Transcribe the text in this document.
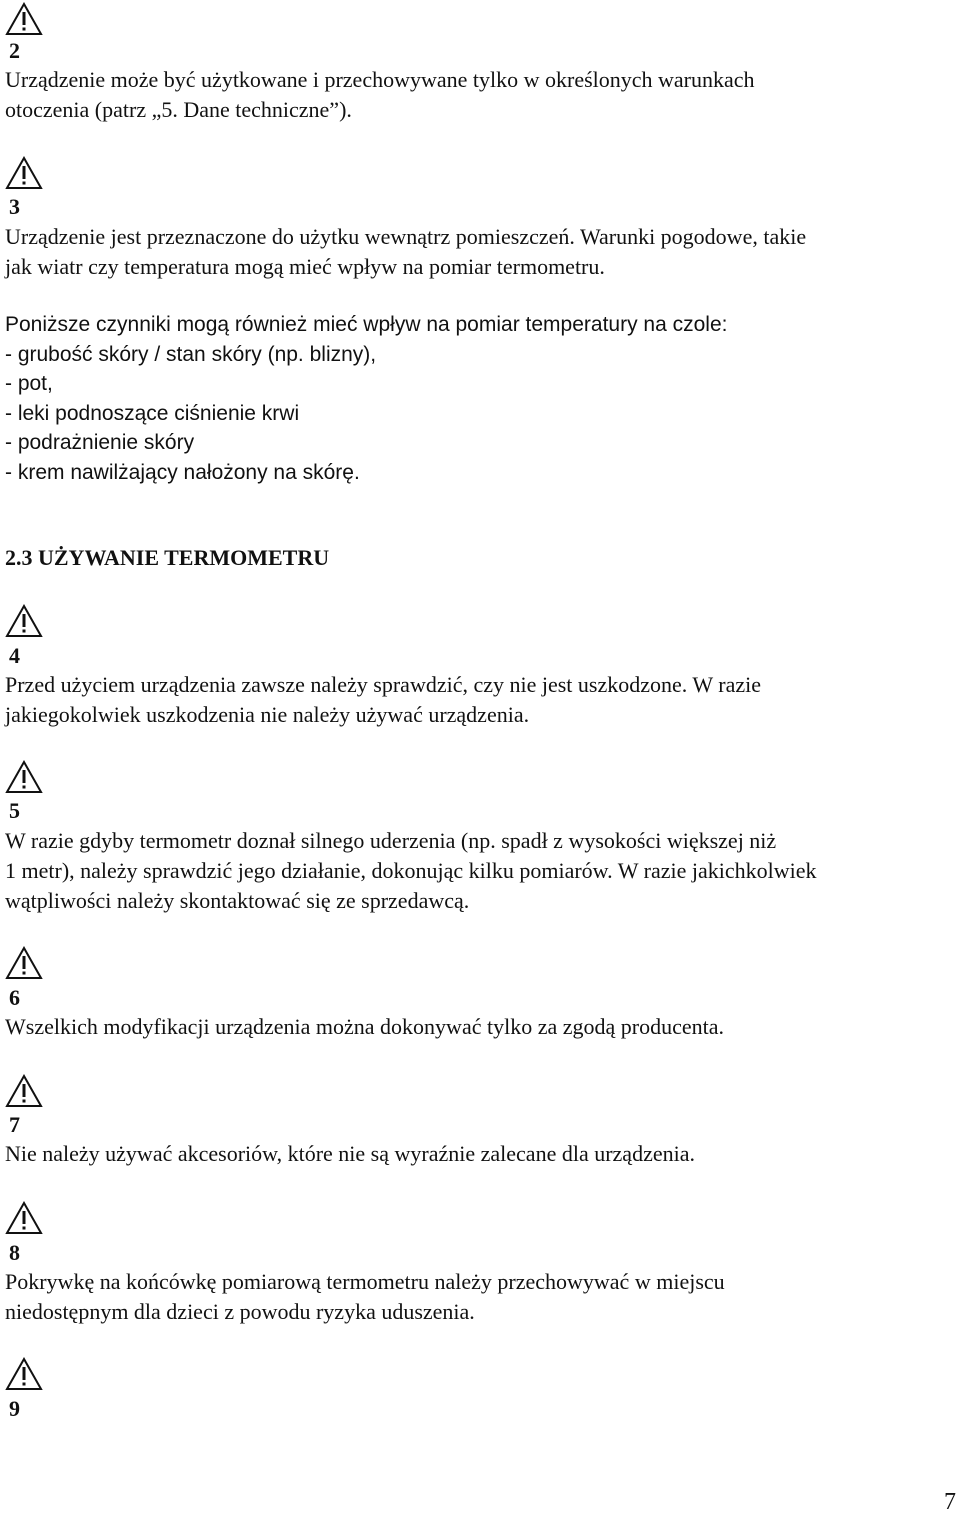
2
Urządzenie może być użytkowane i przechowywane tylko w określonych warunkach
otoczenia (patrz „5. Dane techniczne”).
3
Urządzenie jest przeznaczone do użytku wewnątrz pomieszczeń. Warunki pogodowe, takie
jak wiatr czy temperatura mogą mieć wpływ na pomiar termometru.
Poniższe czynniki mogą również mieć wpływ na pomiar temperatury na czole:
- grubość skóry / stan skóry (np. blizny),
- pot,
- leki podnoszące ciśnienie krwi
- podrażnienie skóry
- krem nawilżający nałożony na skórę.
2.3 UŻYWANIE TERMOMETRU
4
Przed użyciem urządzenia zawsze należy sprawdzić, czy nie jest uszkodzone. W razie
jakiegokolwiek uszkodzenia nie należy używać urządzenia.
5
W razie gdyby termometr doznał silnego uderzenia (np. spadł z wysokości większej niż
1 metr), należy sprawdzić jego działanie, dokonując kilku pomiarów. W razie jakichkolwiek
wątpliwości należy skontaktować się ze sprzedawcą.
6
Wszelkich modyfikacji urządzenia można dokonywać tylko za zgodą producenta.
7
Nie należy używać akcesoriów, które nie są wyraźnie zalecane dla urządzenia.
8
Pokrywkę na końcówkę pomiarową termometru należy przechowywać w miejscu
niedostępnym dla dzieci z powodu ryzyka uduszenia.
9
7
